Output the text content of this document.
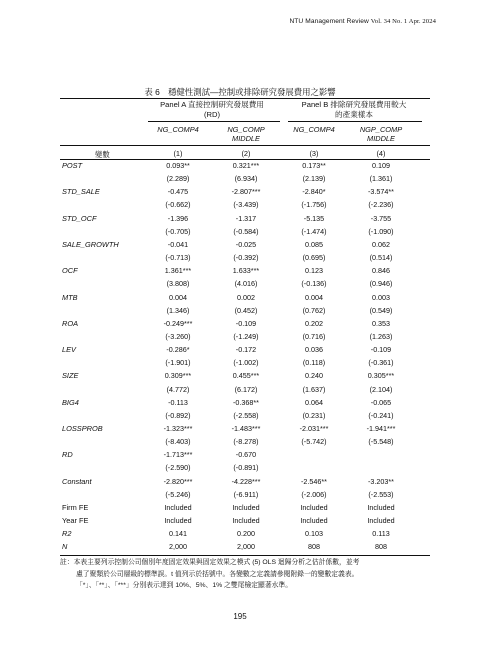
NTU Management Review Vol. 34 No. 1 Apr. 2024
表 6　穩健性測試—控制或排除研究發展費用之影響
Panel A 直接控制研究發展費用
(RD)
Panel B 排除研究發展費用較大
的產業樣本
NG_COMP4	NG_COMP
MIDDLE
NG_COMP4	NGP_COMP
MIDDLE
變數	(1)	(2)	(3)	(4)
POST	0.093**	0.321***	0.173**	0.109
(2.289)	(6.934)	(2.139)	(1.361)
STD_SALE	-0.475	-2.807***	-2.840*	-3.574**
(-0.662)	(-3.439)	(-1.756)	(-2.236)
STD_OCF	-1.396	-1.317	-5.135	-3.755
(-0.705)	(-0.584)	(-1.474)	(-1.090)
SALE_GROWTH	-0.041	-0.025	0.085	0.062
(-0.713)	(-0.392)	(0.695)	(0.514)
OCF	1.361***	1.633***	0.123	0.846
(3.808)	(4.016)	(-0.136)	(0.946)
MTB	0.004	0.002	0.004	0.003
(1.346)	(0.452)	(0.762)	(0.549)
ROA	-0.249***	-0.109	0.202	0.353
(-3.260)	(-1.249)	(0.716)	(1.263)
LEV	-0.286*	-0.172	0.036	-0.109
(-1.901)	(-1.002)	(0.118)	(-0.361)
SIZE	0.309***	0.455***	0.240	0.305***
(4.772)	(6.172)	(1.637)	(2.104)
BIG4	-0.113	-0.368**	0.064	-0.065
(-0.892)	(-2.558)	(0.231)	(-0.241)
LOSSPROB	-1.323***	-1.483***	-2.031***	-1.941***
(-8.403)	(-8.278)	(-5.742)	(-5.548)
RD	-1.713***	-0.670
(-2.590)	(-0.891)
Constant	-2.820***	-4.228***	-2.546**	-3.203**
(-5.246)	(-6.911)	(-2.006)	(-2.553)
Firm FE	Included	Included	Included	Included
Year FE	Included	Included	Included	Included
R2	0.141	0.200	0.103	0.113
N	2,000	2,000	808	808
註：本表主要列示控制公司個別年度固定效果與固定效果之模式 (5) OLS 迴歸分析之估計係數，並考
慮了聚類於公司層級的標準誤。t 值列示於括號中。各變數之定義請參閱附錄一的變數定義表。
「*」、「**」、「***」分別表示達到 10%、5%、1% 之雙尾檢定顯著水準。
195
